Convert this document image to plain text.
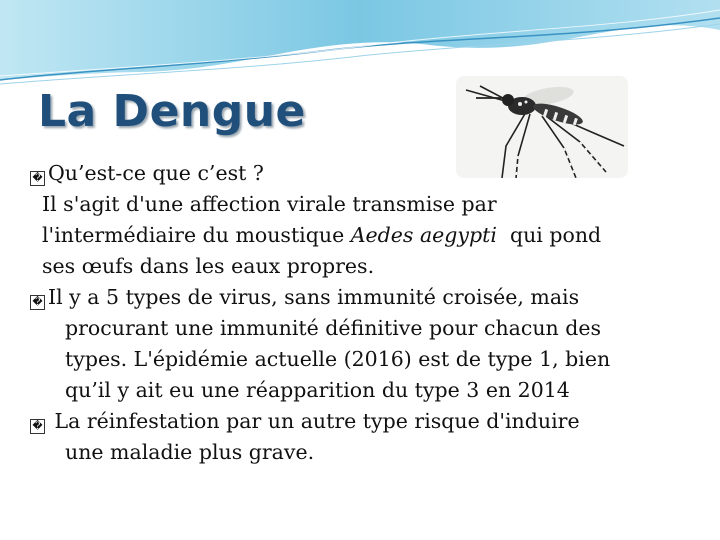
La Dengue
� Qu’est-ce que c’est ?
Il s'agit d'une affection virale transmise par
l'intermédiaire du moustique Aedes aegypti  qui pond
ses œufs dans les eaux propres.
� Il y a 5 types de virus, sans immunité croisée, mais
procurant une immunité définitive pour chacun des
types. L'épidémie actuelle (2016) est de type 1, bien
qu’il y ait eu une réapparition du type 3 en 2014
� La réinfestation par un autre type risque d'induire
une maladie plus grave.
